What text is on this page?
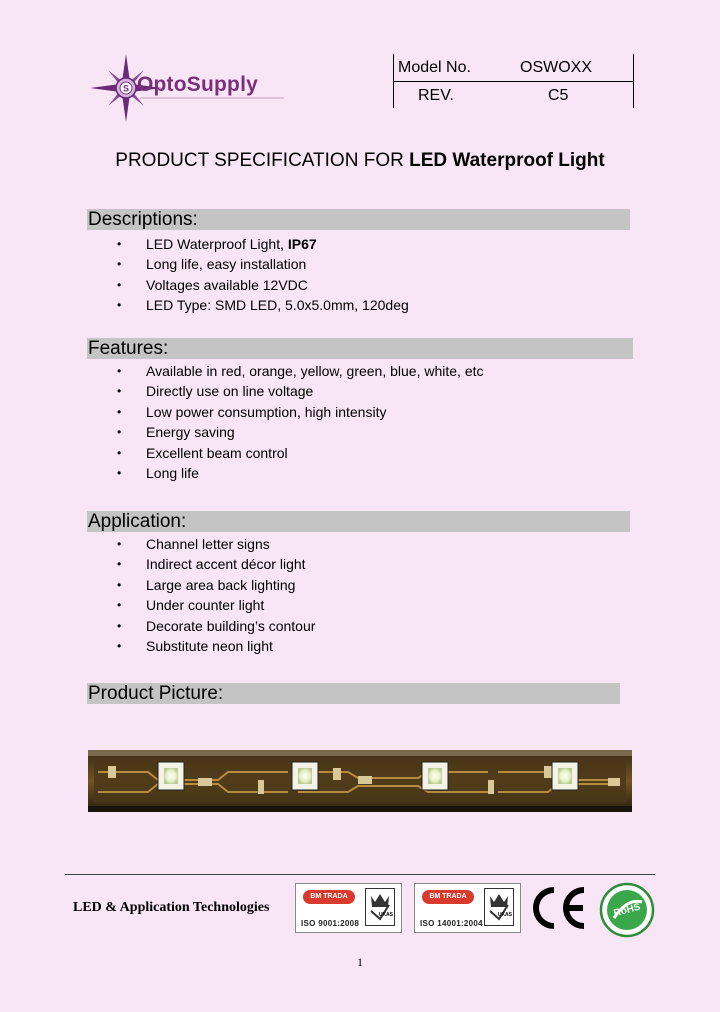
S OptoSupply
Model No.	OSWOXX
REV.	C5
PRODUCT SPECIFICATION FOR LED Waterproof Light
Descriptions:
• LED Waterproof Light, IP67
• Long life, easy installation
• Voltages available 12VDC
• LED Type: SMD LED, 5.0x5.0mm, 120deg
Features:
• Available in red, orange, yellow, green, blue, white, etc
• Directly use on line voltage
• Low power consumption, high intensity
• Energy saving
• Excellent beam control
• Long life
Application:
• Channel letter signs
• Indirect accent décor light
• Large area back lighting
• Under counter light
• Decorate building’s contour
• Substitute neon light
Product Picture:
LED & Application Technologies
BM TRADA
UKAS
ISO 9001:2008
BM TRADA
UKAS
ISO 14001:2004
RoHS
1
